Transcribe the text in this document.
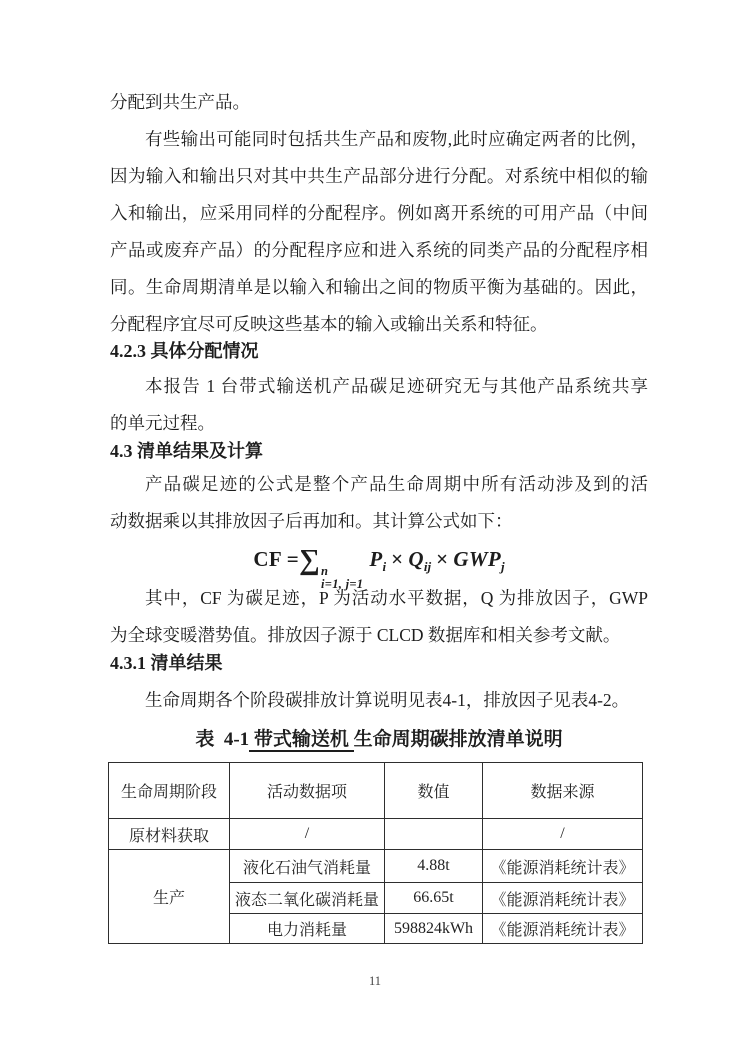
分配到共生产品。
有些输出可能同时包括共生产品和废物,此时应确定两者的比例，
因为输入和输出只对其中共生产品部分进行分配。对系统中相似的输
入和输出，应采用同样的分配程序。例如离开系统的可用产品（中间
产品或废弃产品）的分配程序应和进入系统的同类产品的分配程序相
同。生命周期清单是以输入和输出之间的物质平衡为基础的。因此，
分配程序宜尽可反映这些基本的输入或输出关系和特征。
4.2.3 具体分配情况
本报告 1 台带式输送机产品碳足迹研究无与其他产品系统共享
的单元过程。
4.3 清单结果及计算
产品碳足迹的公式是整个产品生命周期中所有活动涉及到的活
动数据乘以其排放因子后再加和。其计算公式如下：
CF =∑ n
i=1, j=1
$P_i \times Q_{ij} \times GWP_j$
其中，CF 为碳足迹，P 为活动水平数据，Q 为排放因子，GWP
为全球变暖潜势值。排放因子源于 CLCD 数据库和相关参考文献。
4.3.1 清单结果
生命周期各个阶段碳排放计算说明见表4-1，排放因子见表4-2。
表  4-1 带式输送机 生命周期碳排放清单说明
生命周期阶段	活动数据项	数值	数据来源
原材料获取	/		/
生产	液化石油气消耗量	4.88t	《能源消耗统计表》
	液态二氧化碳消耗量	66.65t	《能源消耗统计表》
	电力消耗量	598824kWh	《能源消耗统计表》
11
